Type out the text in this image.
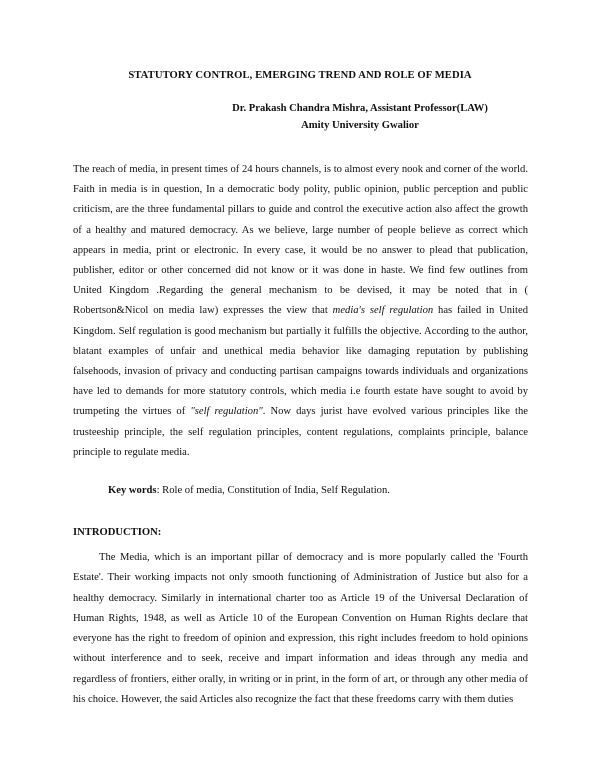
STATUTORY CONTROL, EMERGING TREND AND ROLE OF MEDIA

Dr. Prakash Chandra Mishra, Assistant Professor(LAW)

Amity University Gwalior

The reach of media, in present times of 24 hours channels, is to almost every nook and corner of the world. Faith in media is in question, In a democratic body polity, public opinion, public perception and public criticism, are the three fundamental pillars to guide and control the executive action also affect the growth of a healthy and matured democracy. As we believe, large number of people believe as correct which appears in media, print or electronic. In every case, it would be no answer to plead that publication, publisher, editor or other concerned did not know or it was done in haste. We find few outlines from United Kingdom .Regarding the general mechanism to be devised, it may be noted that in ( Robertson&Nicol on media law) expresses the view that media's self regulation has failed in United Kingdom. Self regulation is good mechanism but partially it fulfills the objective. According to the author, blatant examples of unfair and unethical media behavior like damaging reputation by publishing falsehoods, invasion of privacy and conducting partisan campaigns towards individuals and organizations have led to demands for more statutory controls, which media i.e fourth estate have sought to avoid by trumpeting the virtues of "self regulation". Now days jurist have evolved various principles like the trusteeship principle, the self regulation principles, content regulations, complaints principle, balance principle to regulate media.

Key words: Role of media, Constitution of India, Self Regulation.

INTRODUCTION:

The Media, which is an important pillar of democracy and is more popularly called the 'Fourth Estate'. Their working impacts not only smooth functioning of Administration of Justice but also for a healthy democracy. Similarly in international charter too as Article 19 of the Universal Declaration of Human Rights, 1948, as well as Article 10 of the European Convention on Human Rights declare that everyone has the right to freedom of opinion and expression, this right includes freedom to hold opinions without interference and to seek, receive and impart information and ideas through any media and regardless of frontiers, either orally, in writing or in print, in the form of art, or through any other media of his choice. However, the said Articles also recognize the fact that these freedoms carry with them duties
